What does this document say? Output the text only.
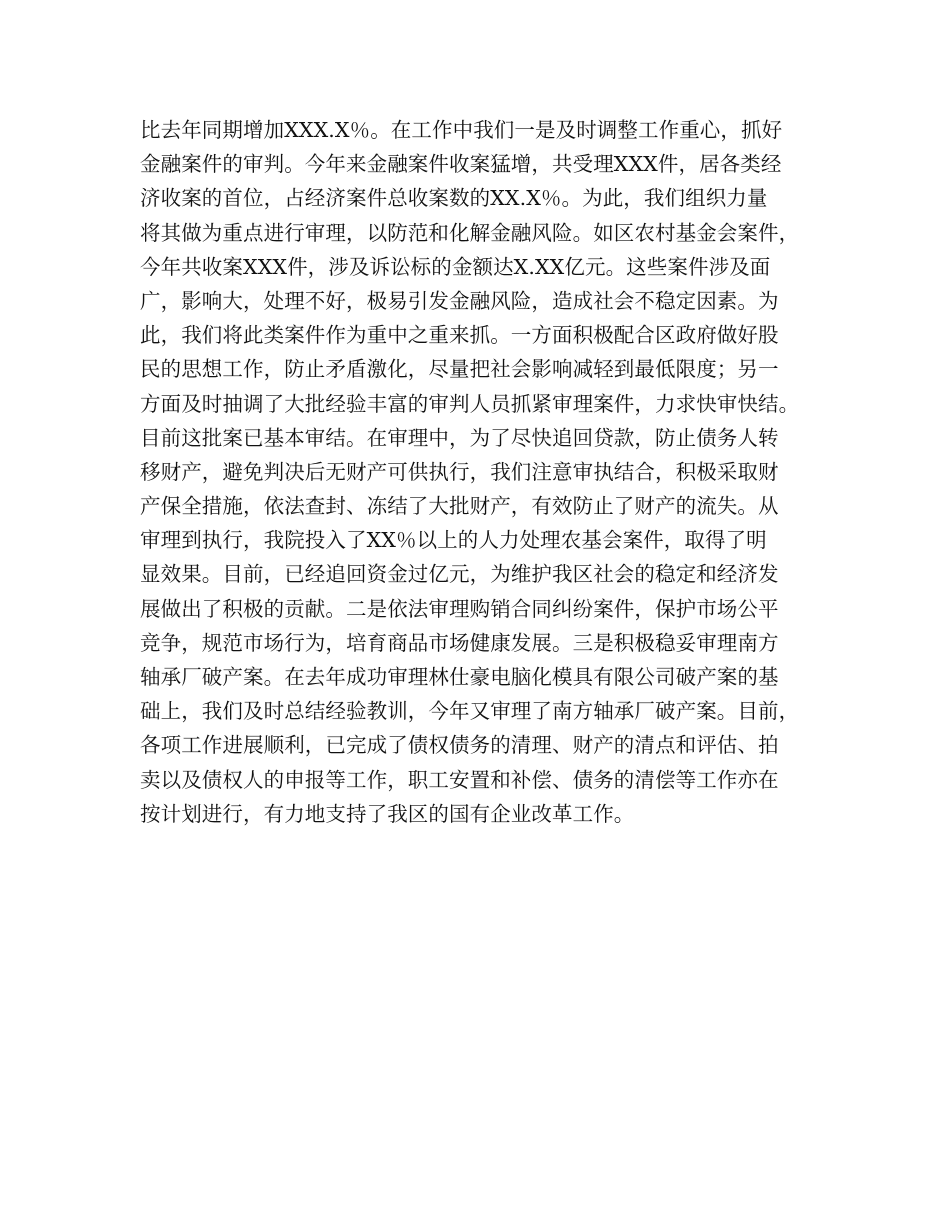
比去年同期增加XXX.X％。在工作中我们一是及时调整工作重心，抓好
金融案件的审判。今年来金融案件收案猛增，共受理XXX件，居各类经
济收案的首位，占经济案件总收案数的XX.X％。为此，我们组织力量
将其做为重点进行审理，以防范和化解金融风险。如区农村基金会案件，
今年共收案XXX件，涉及诉讼标的金额达X.XX亿元。这些案件涉及面
广，影响大，处理不好，极易引发金融风险，造成社会不稳定因素。为
此，我们将此类案件作为重中之重来抓。一方面积极配合区政府做好股
民的思想工作，防止矛盾激化，尽量把社会影响减轻到最低限度；另一
方面及时抽调了大批经验丰富的审判人员抓紧审理案件，力求快审快结。
目前这批案已基本审结。在审理中，为了尽快追回贷款，防止债务人转
移财产，避免判决后无财产可供执行，我们注意审执结合，积极采取财
产保全措施，依法查封、冻结了大批财产，有效防止了财产的流失。从
审理到执行，我院投入了XX％以上的人力处理农基会案件，取得了明
显效果。目前，已经追回资金过亿元，为维护我区社会的稳定和经济发
展做出了积极的贡献。二是依法审理购销合同纠纷案件，保护市场公平
竞争，规范市场行为，培育商品市场健康发展。三是积极稳妥审理南方
轴承厂破产案。在去年成功审理林仕豪电脑化模具有限公司破产案的基
础上，我们及时总结经验教训，今年又审理了南方轴承厂破产案。目前，
各项工作进展顺利，已完成了债权债务的清理、财产的清点和评估、拍
卖以及债权人的申报等工作，职工安置和补偿、债务的清偿等工作亦在
按计划进行，有力地支持了我区的国有企业改革工作。
